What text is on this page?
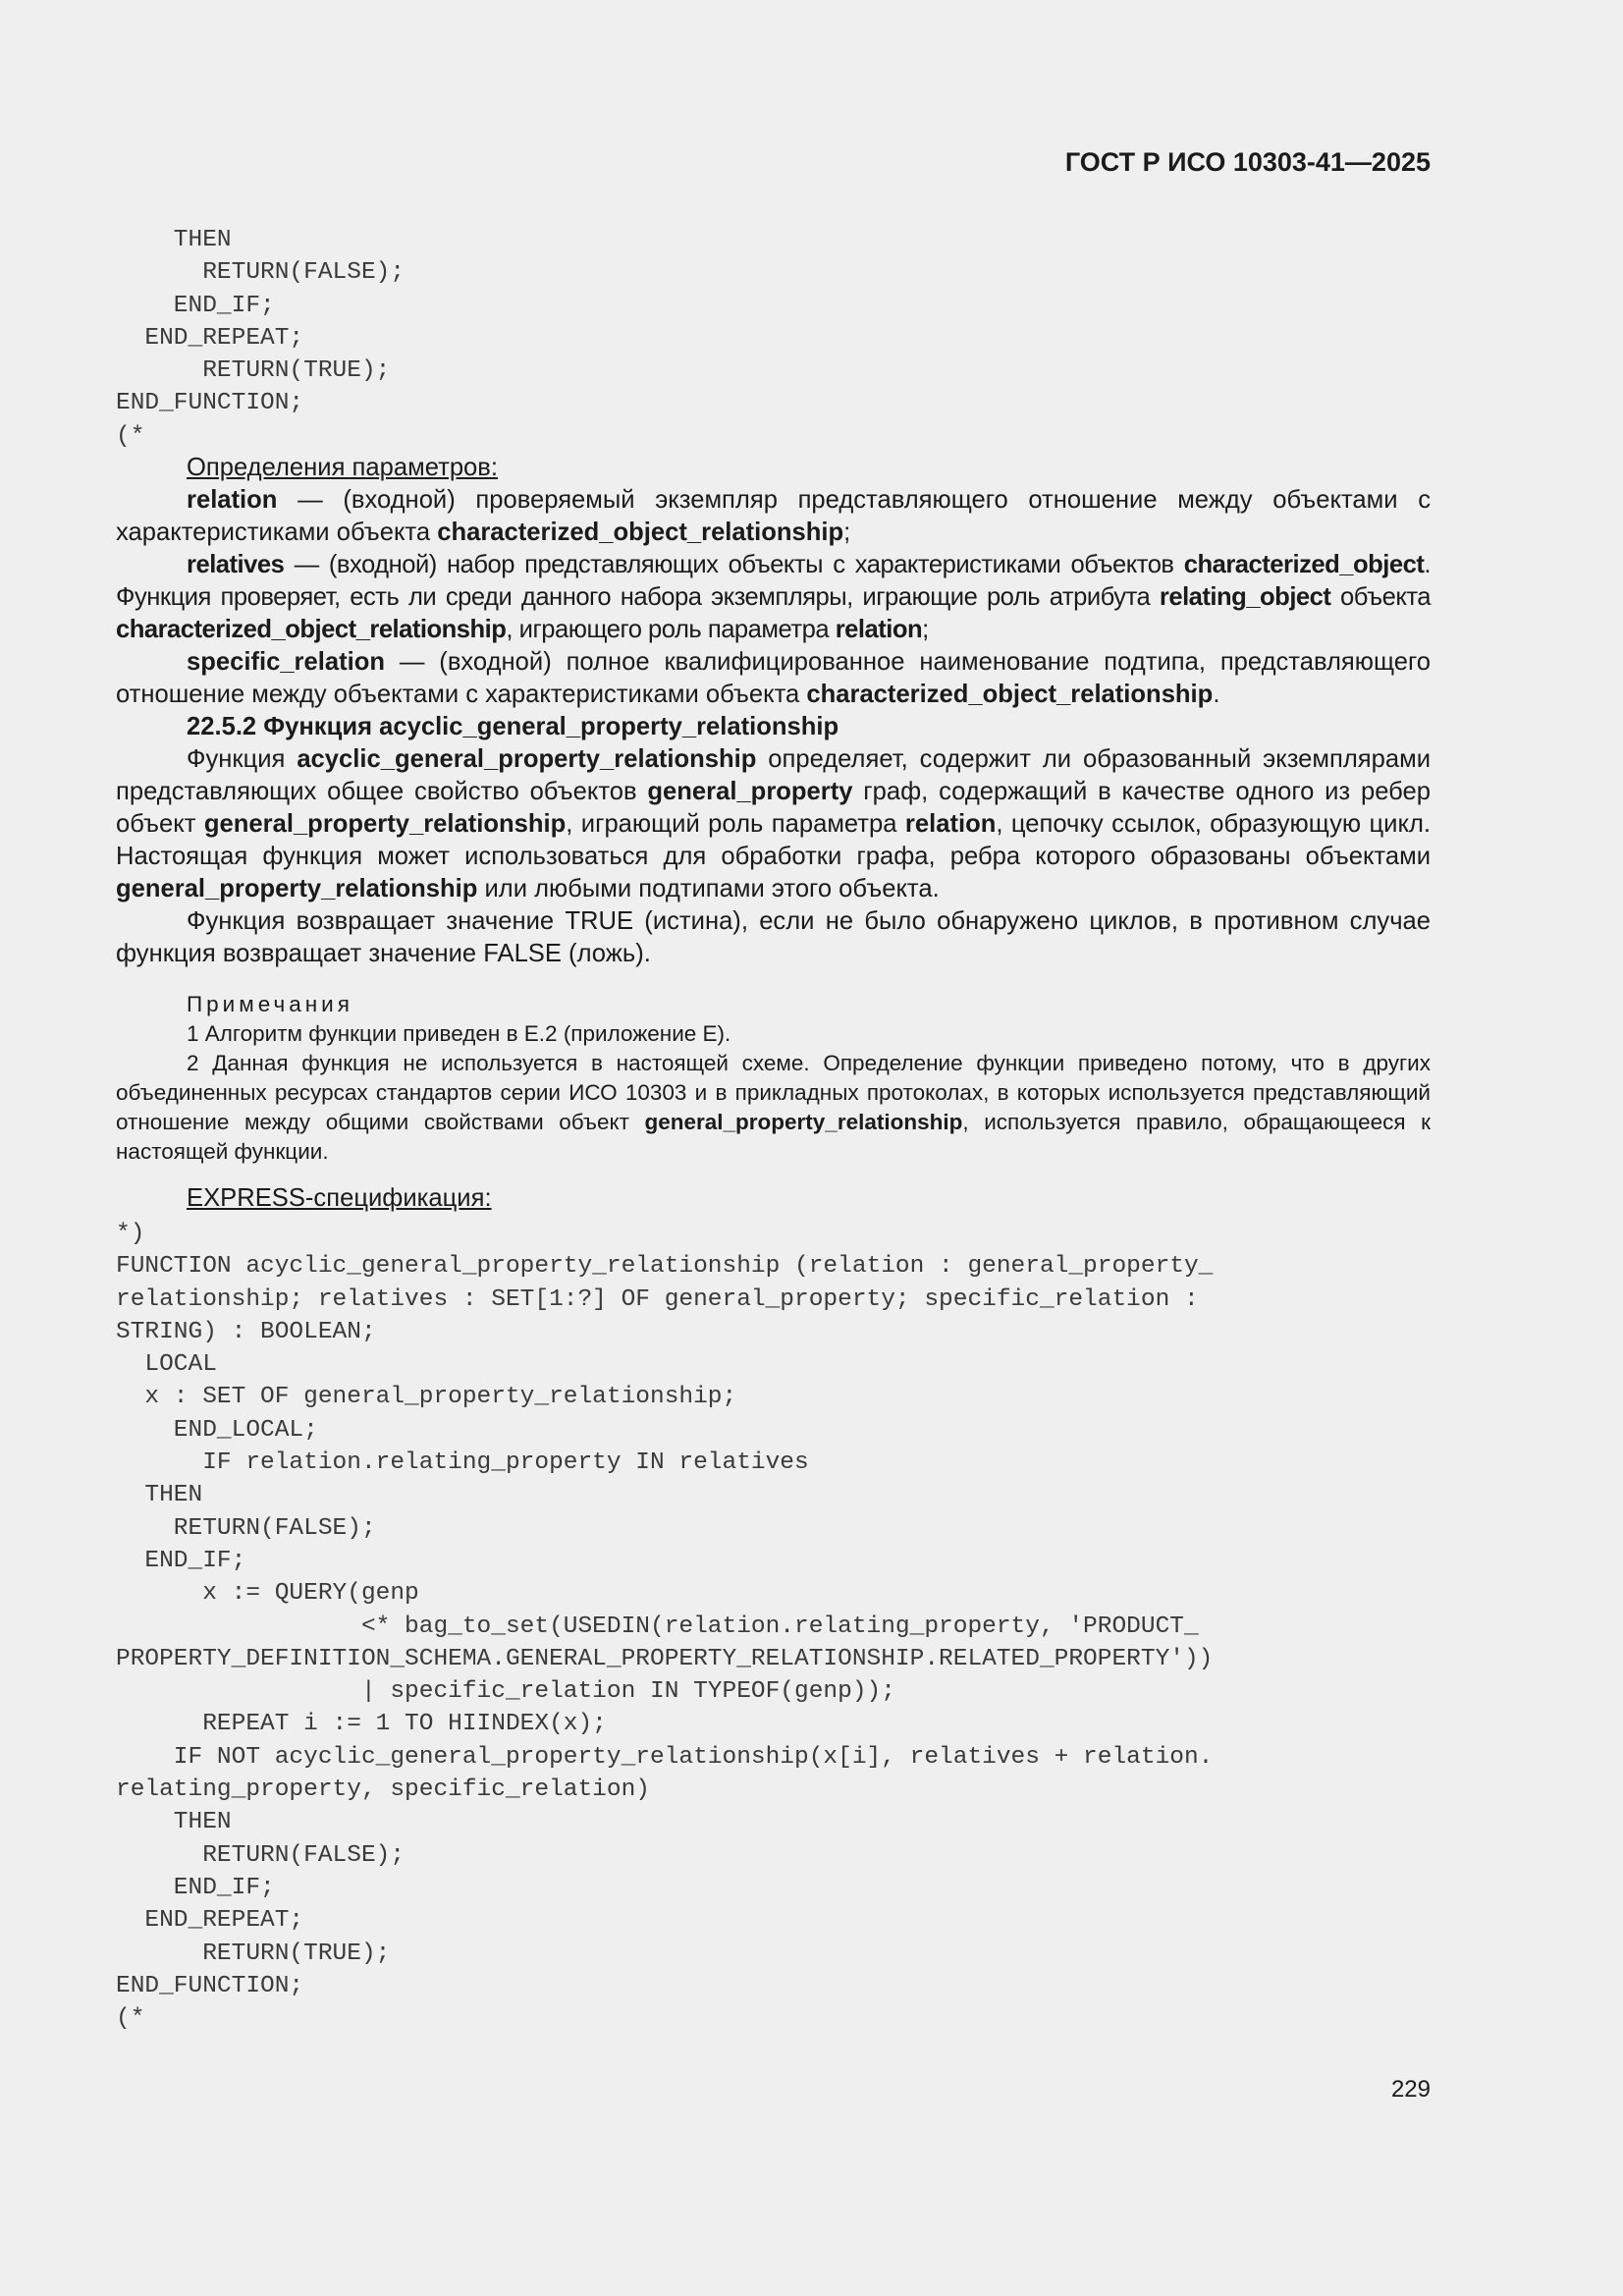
ГОСТ Р ИСО 10303-41—2025
THEN
RETURN(FALSE);
END_IF;
END_REPEAT;
RETURN(TRUE);
END_FUNCTION;
(*

Определения параметров:

relation — (входной) проверяемый экземпляр представляющего отношение между объектами с характеристиками объекта characterized_object_relationship;

relatives — (входной) набор представляющих объекты с характеристиками объектов characterized_object. Функция проверяет, есть ли среди данного набора экземпляры, играющие роль атрибута relating_object объекта characterized_object_relationship, играющего роль параметра relation;

specific_relation — (входной) полное квалифицированное наименование подтипа, представляющего отношение между объектами с характеристиками объекта characterized_object_relationship.

22.5.2 Функция acyclic_general_property_relationship

Функция acyclic_general_property_relationship определяет, содержит ли образованный экземплярами представляющих общее свойство объектов general_property граф, содержащий в качестве одного из ребер объект general_property_relationship, играющий роль параметра relation, цепочку ссылок, образующую цикл. Настоящая функция может использоваться для обработки графа, ребра которого образованы объектами general_property_relationship или любыми подтипами этого объекта.

Функция возвращает значение TRUE (истина), если не было обнаружено циклов, в противном случае функция возвращает значение FALSE (ложь).

Примечания

1 Алгоритм функции приведен в Е.2 (приложение Е).

2 Данная функция не используется в настоящей схеме. Определение функции приведено потому, что в других объединенных ресурсах стандартов серии ИСО 10303 и в прикладных протоколах, в которых используется представляющий отношение между общими свойствами объект general_property_relationship, используется правило, обращающееся к настоящей функции.

EXPRESS-спецификация:

*)
FUNCTION acyclic_general_property_relationship (relation : general_property_
relationship; relatives : SET[1:?] OF general_property; specific_relation :
STRING) : BOOLEAN;
LOCAL
x : SET OF general_property_relationship;
END_LOCAL;
IF relation.relating_property IN relatives
THEN
RETURN(FALSE);
END_IF;
x := QUERY(genp
<* bag_to_set(USEDIN(relation.relating_property, 'PRODUCT_
PROPERTY_DEFINITION_SCHEMA.GENERAL_PROPERTY_RELATIONSHIP.RELATED_PROPERTY'))
| specific_relation IN TYPEOF(genp));
REPEAT i := 1 TO HIINDEX(x);
IF NOT acyclic_general_property_relationship(x[i], relatives + relation.
relating_property, specific_relation)
THEN
RETURN(FALSE);
END_IF;
END_REPEAT;
RETURN(TRUE);
END_FUNCTION;
(*
229
